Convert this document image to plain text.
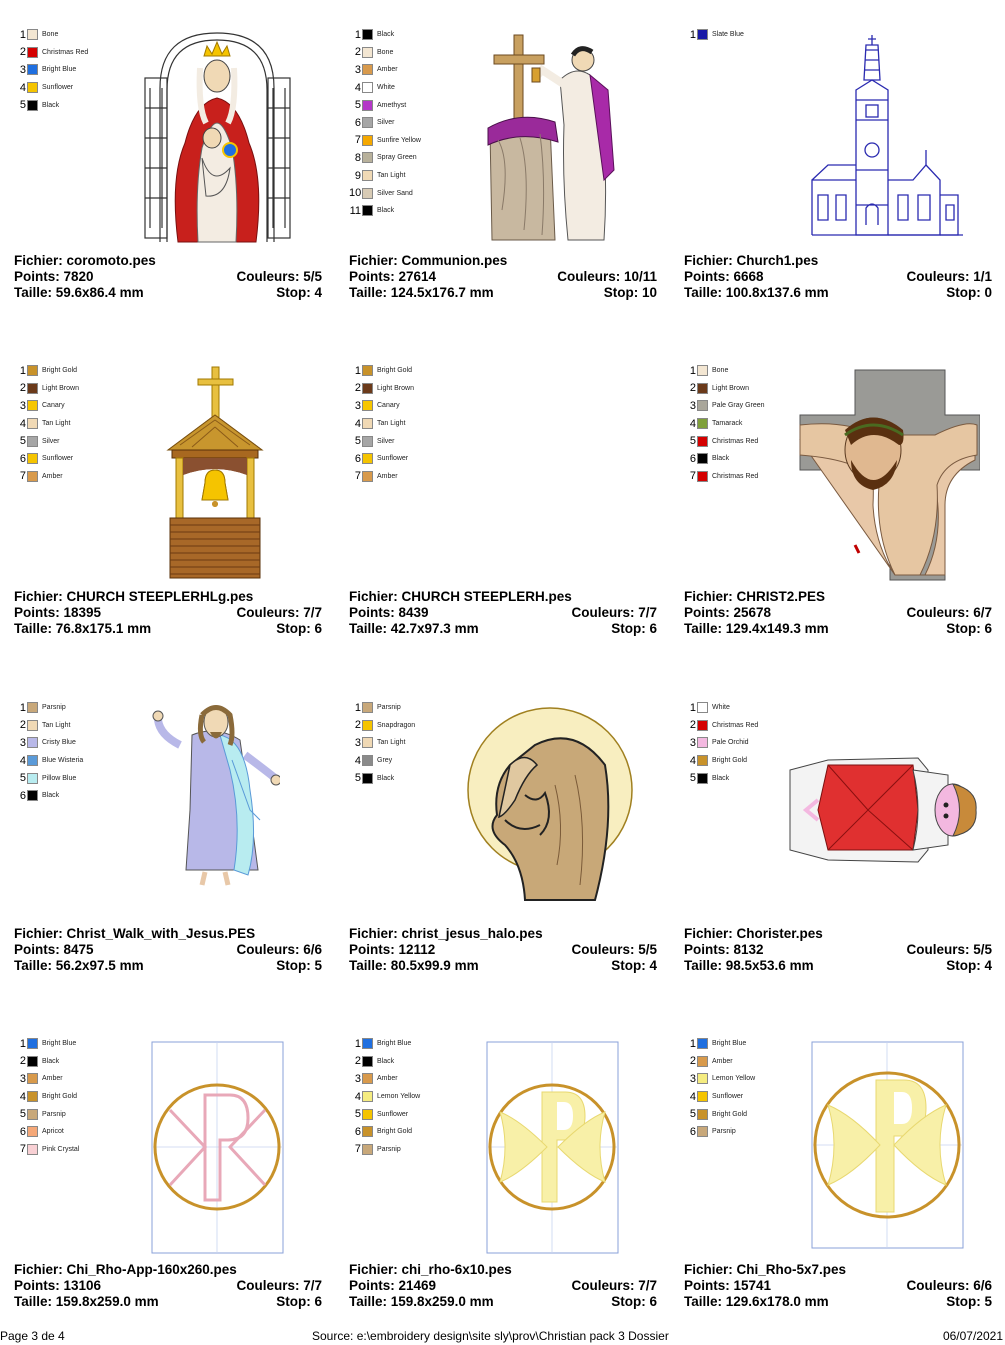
1 Bone
2 Christmas Red
3 Bright Blue
4 Sunflower
5 Black
Fichier: coromoto.pes
Points: 7820	Couleurs: 5/5
Taille: 59.6x86.4 mm	Stop: 4
1 Black
2 Bone
3 Amber
4 White
5 Amethyst
6 Silver
7 Sunfire Yellow
8 Spray Green
9 Tan Light
10 Silver Sand
11 Black
Fichier: Communion.pes
Points: 27614	Couleurs: 10/11
Taille: 124.5x176.7 mm	Stop: 10
1 Slate Blue
Fichier: Church1.pes
Points: 6668	Couleurs: 1/1
Taille: 100.8x137.6 mm	Stop: 0
1 Bright Gold
2 Light Brown
3 Canary
4 Tan Light
5 Silver
6 Sunflower
7 Amber
Fichier: CHURCH STEEPLERHLg.pes
Points: 18395	Couleurs: 7/7
Taille: 76.8x175.1 mm	Stop: 6
1 Bright Gold
2 Light Brown
3 Canary
4 Tan Light
5 Silver
6 Sunflower
7 Amber
Fichier: CHURCH STEEPLERH.pes
Points: 8439	Couleurs: 7/7
Taille: 42.7x97.3 mm	Stop: 6
1 Bone
2 Light Brown
3 Pale Gray Green
4 Tamarack
5 Christmas Red
6 Black
7 Christmas Red
Fichier: CHRIST2.PES
Points: 25678	Couleurs: 6/7
Taille: 129.4x149.3 mm	Stop: 6
1 Parsnip
2 Tan Light
3 Cristy Blue
4 Blue Wisteria
5 Pillow Blue
6 Black
Fichier: Christ_Walk_with_Jesus.PES
Points: 8475	Couleurs: 6/6
Taille: 56.2x97.5 mm	Stop: 5
1 Parsnip
2 Snapdragon
3 Tan Light
4 Grey
5 Black
Fichier: christ_jesus_halo.pes
Points: 12112	Couleurs: 5/5
Taille: 80.5x99.9 mm	Stop: 4
1 White
2 Christmas Red
3 Pale Orchid
4 Bright Gold
5 Black
Fichier: Chorister.pes
Points: 8132	Couleurs: 5/5
Taille: 98.5x53.6 mm	Stop: 4
1 Bright Blue
2 Black
3 Amber
4 Bright Gold
5 Parsnip
6 Apricot
7 Pink Crystal
Fichier: Chi_Rho-App-160x260.pes
Points: 13106	Couleurs: 7/7
Taille: 159.8x259.0 mm	Stop: 6
1 Bright Blue
2 Black
3 Amber
4 Lemon Yellow
5 Sunflower
6 Bright Gold
7 Parsnip
Fichier: chi_rho-6x10.pes
Points: 21469	Couleurs: 7/7
Taille: 159.8x259.0 mm	Stop: 6
1 Bright Blue
2 Amber
3 Lemon Yellow
4 Sunflower
5 Bright Gold
6 Parsnip
Fichier: Chi_Rho-5x7.pes
Points: 15741	Couleurs: 6/6
Taille: 129.6x178.0 mm	Stop: 5
Page 3 de 4	Source: e:\embroidery design\site sly\prov\Christian pack 3 Dossier	06/07/2021
